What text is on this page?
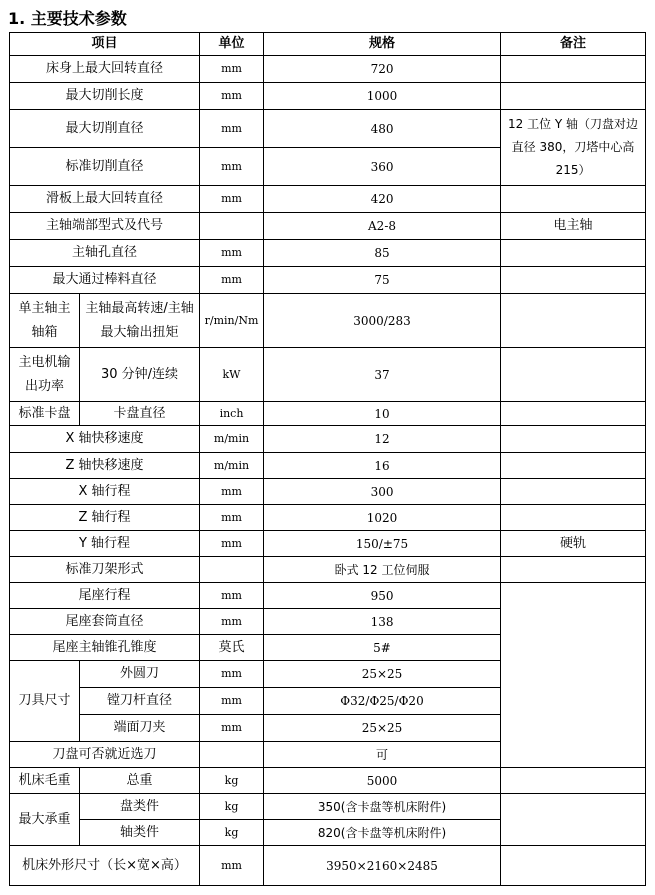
1. 主要技术参数
项目		单位	规格	备注
床身上最大回转直径		mm	720	
最大切削长度		mm	1000	
最大切削直径		mm	480	12 工位 Y 轴（刀盘对边直径 380，刀塔中心高 215）
标准切削直径		mm	360	
滑板上最大回转直径		mm	420	
主轴端部型式及代号			A2-8	电主轴
主轴孔直径		mm	85	
最大通过棒料直径		mm	75	
单主轴主轴箱	主轴最高转速/主轴最大输出扭矩	r/min/Nm	3000/283	
主电机输出功率	30 分钟/连续	kW	37	
标准卡盘	卡盘直径	inch	10	
X 轴快移速度		m/min	12	
Z 轴快移速度		m/min	16	
X 轴行程		mm	300	
Z 轴行程		mm	1020	
Y 轴行程		mm	150/±75	硬轨
标准刀架形式			卧式 12 工位伺服	
尾座行程		mm	950	
尾座套筒直径		mm	138	
尾座主轴锥孔锥度		莫氏	5#	
刀具尺寸	外圆刀	mm	25×25	
	镗刀杆直径	mm	Φ32/Φ25/Φ20	
	端面刀夹	mm	25×25	
刀盘可否就近选刀			可	
机床毛重	总重	kg	5000	
最大承重	盘类件	kg	350(含卡盘等机床附件)	
	轴类件	kg	820(含卡盘等机床附件)	
机床外形尺寸（长×宽×高）		mm	3950×2160×2485	
